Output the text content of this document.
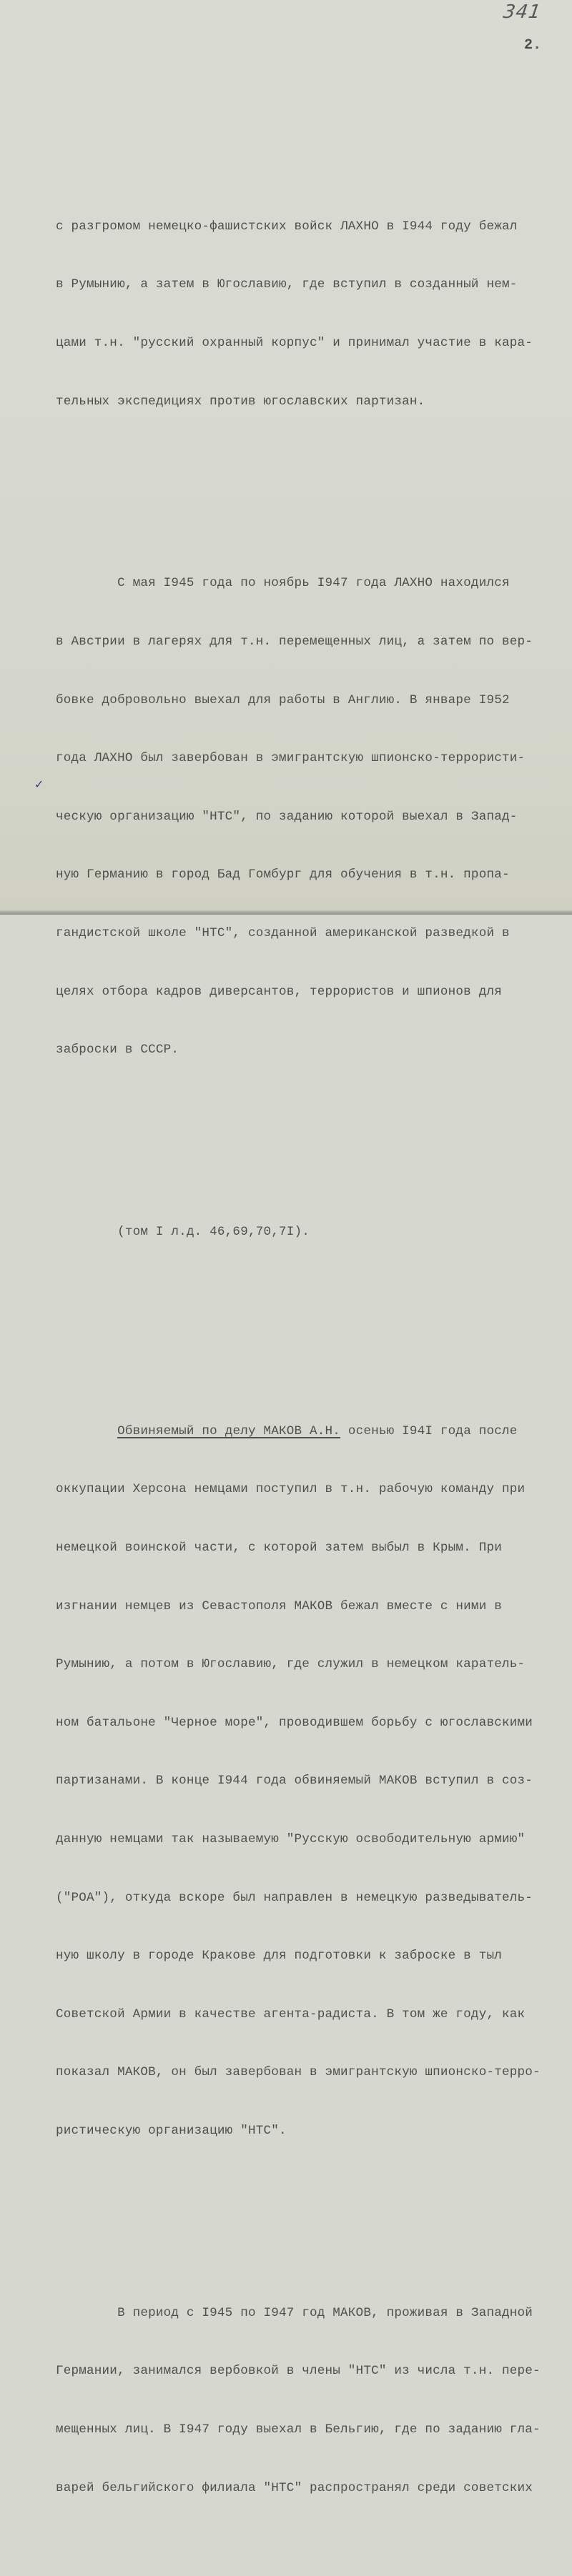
341
2.
✓

с разгромом немецко-фашистских войск ЛАХНО в I944 году бежал

в Румынию, а затем в Югославию, где вступил в созданный нем-

цами т.н. "русский охранный корпус" и принимал участие в кара-

тельных экспедициях против югославских партизан.

С мая I945 года по ноябрь I947 года ЛАХНО находился

в Австрии в лагерях для т.н. перемещенных лиц, а затем по вер-

бовке добровольно выехал для работы в Англию. В январе I952

года ЛАХНО был завербован в эмигрантскую шпионско-террористи-

ческую организацию "НТС", по заданию которой выехал в Запад-

ную Германию в город Бад Гомбург для обучения в т.н. пропа-

гандистской школе "НТС", созданной американской разведкой в

целях отбора кадров диверсантов, террористов и шпионов для

заброски в СССР.

(том I л.д. 46,69,70,7I).

Обвиняемый по делу МАКОВ А.Н. осенью I94I года после

оккупации Херсона немцами поступил в т.н. рабочую команду при

немецкой воинской части, с которой затем выбыл в Крым. При

изгнании немцев из Севастополя МАКОВ бежал вместе с ними в

Румынию, а потом в Югославию, где служил в немецком каратель-

ном батальоне "Черное море", проводившем борьбу с югославскими

партизанами. В конце I944 года обвиняемый МАКОВ вступил в соз-

данную немцами так называемую "Русскую освободительную армию"

("РОА"), откуда вскоре был направлен в немецкую разведыватель-

ную школу в городе Кракове для подготовки к заброске в тыл

Советской Армии в качестве агента-радиста. В том же году, как

показал МАКОВ, он был завербован в эмигрантскую шпионско-терро-

ристическую организацию "НТС".

В период с I945 по I947 год МАКОВ, проживая в Западной

Германии, занимался вербовкой в члены "НТС" из числа т.н. пере-

мещенных лиц. В I947 году выехал в Бельгию, где по заданию гла-

варей бельгийского филиала "НТС" распространял среди советских
